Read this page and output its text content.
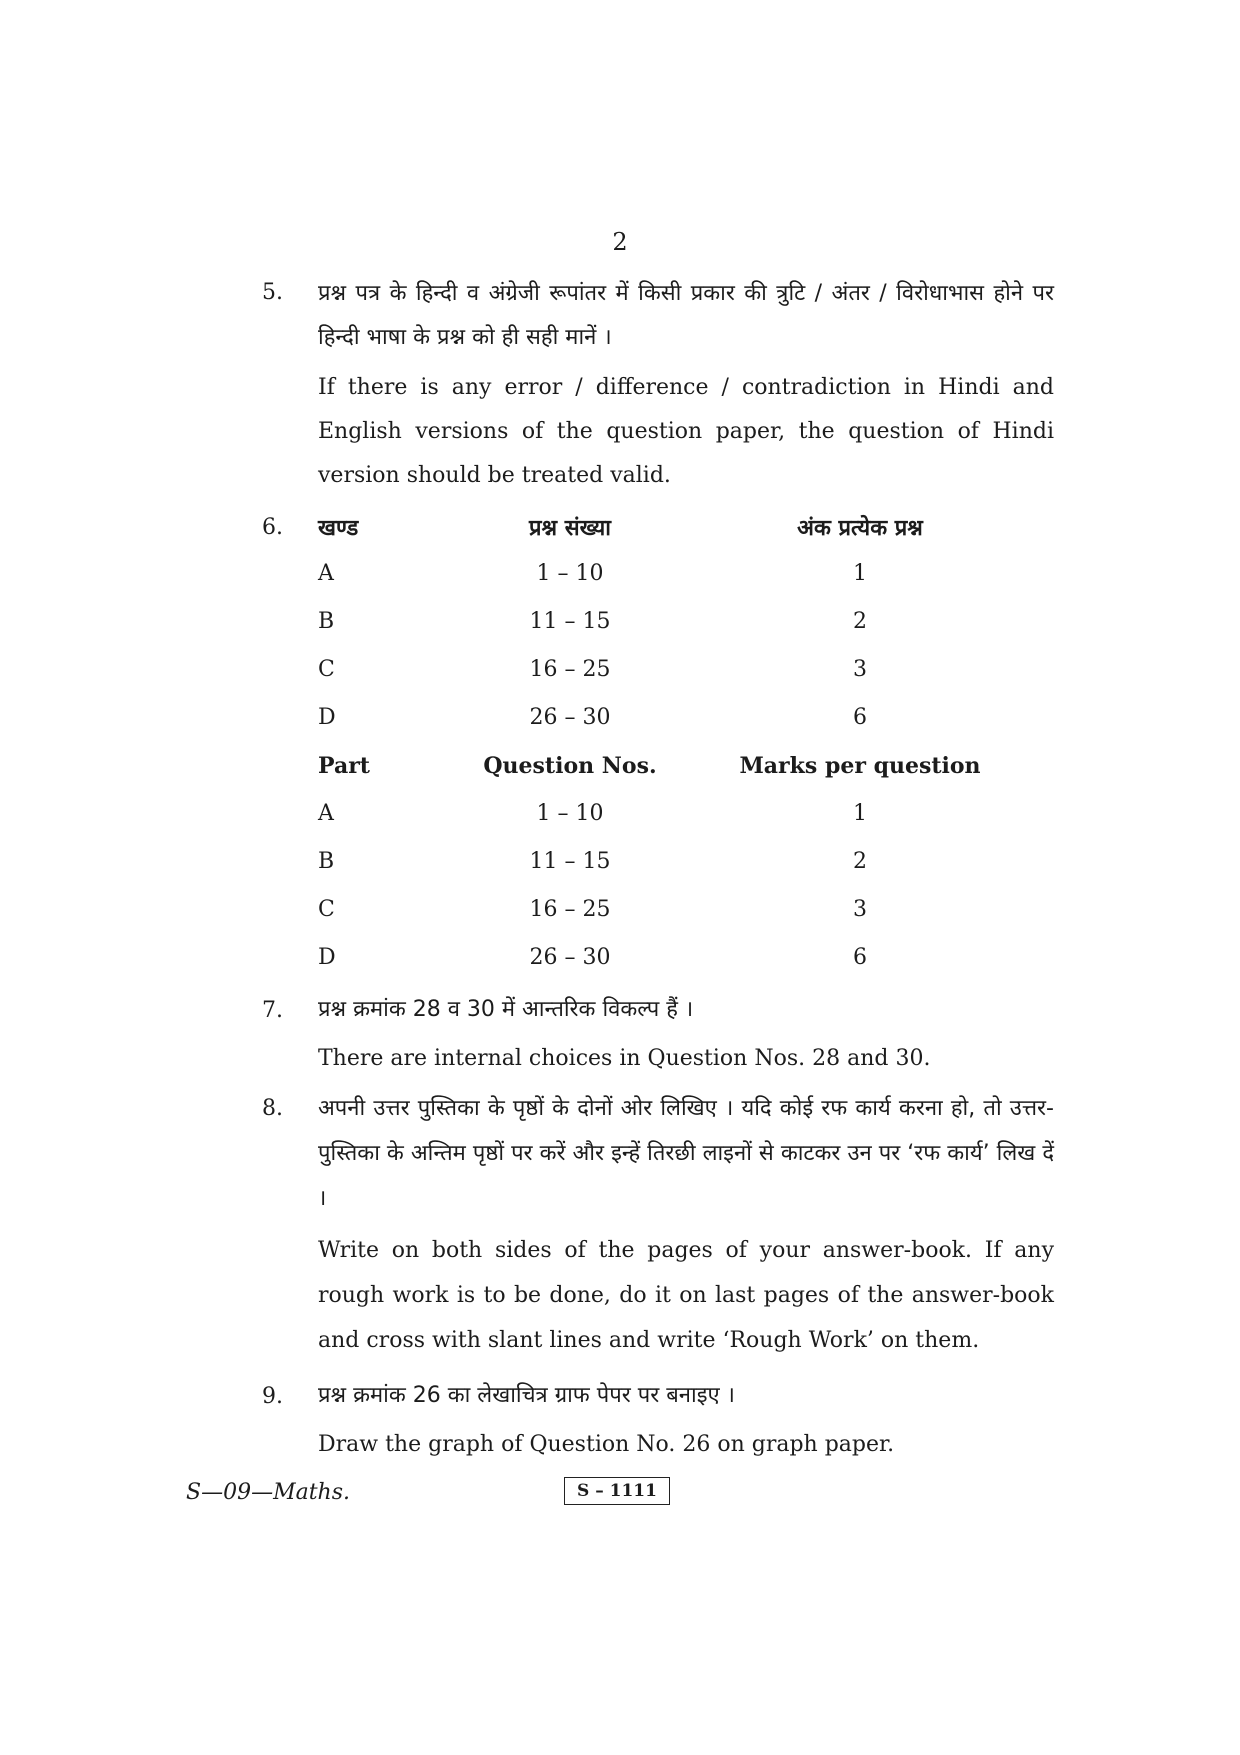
2
5. प्रश्न पत्र के हिन्दी व अंग्रेजी रूपांतर में किसी प्रकार की त्रुटि / अंतर / विरोधाभास होने पर हिन्दी भाषा के प्रश्न को ही सही मानें ।
If there is any error / difference / contradiction in Hindi and English versions of the question paper, the question of Hindi version should be treated valid.
6. खण्ड	प्रश्न संख्या	अंक प्रत्येक प्रश्न
A	1 – 10	1
B	11 – 15	2
C	16 – 25	3
D	26 – 30	6
Part	Question Nos.	Marks per question
A	1 – 10	1
B	11 – 15	2
C	16 – 25	3
D	26 – 30	6
7. प्रश्न क्रमांक 28 व 30 में आन्तरिक विकल्प हैं ।
There are internal choices in Question Nos. 28 and 30.
8. अपनी उत्तर पुस्तिका के पृष्ठों के दोनों ओर लिखिए । यदि कोई रफ कार्य करना हो, तो उत्तर-पुस्तिका के अन्तिम पृष्ठों पर करें और इन्हें तिरछी लाइनों से काटकर उन पर ‘रफ कार्य’ लिख दें ।
Write on both sides of the pages of your answer-book. If any rough work is to be done, do it on last pages of the answer-book and cross with slant lines and write ‘Rough Work’ on them.
9. प्रश्न क्रमांक 26 का लेखाचित्र ग्राफ पेपर पर बनाइए ।
Draw the graph of Question No. 26 on graph paper.
S—09—Maths.	S – 1111
